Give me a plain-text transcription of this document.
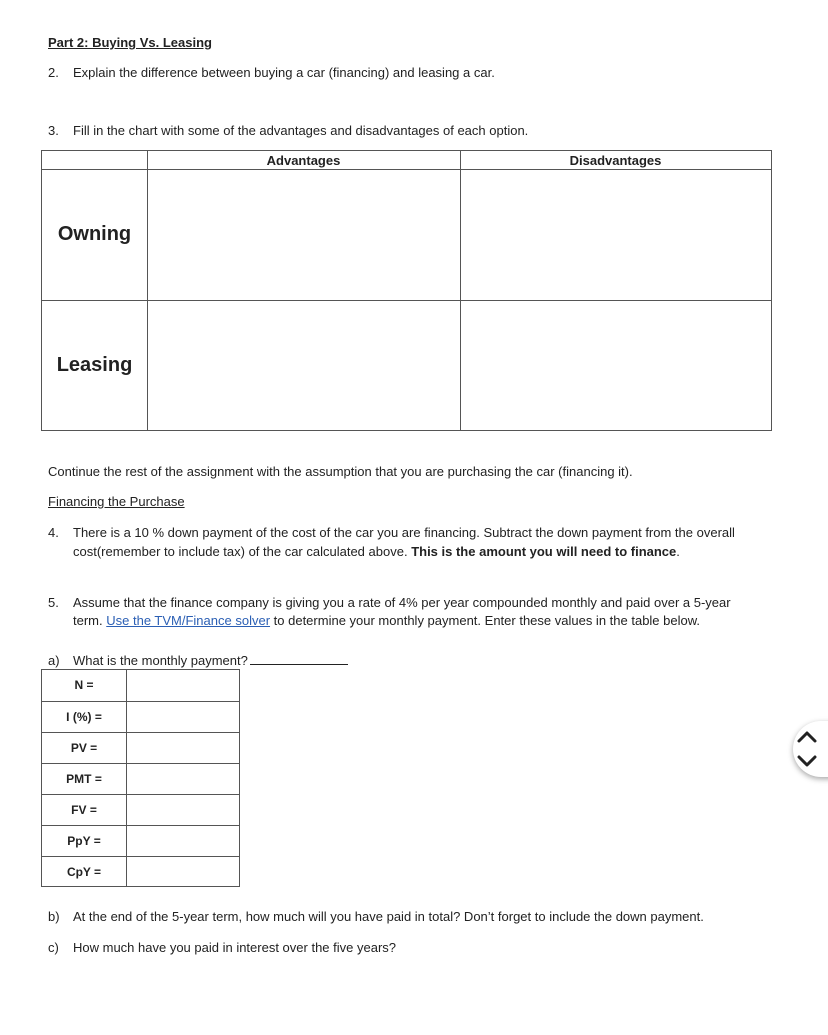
Part 2: Buying Vs. Leasing
2. Explain the difference between buying a car (financing) and leasing a car.
3. Fill in the chart with some of the advantages and disadvantages of each option.
Advantages	Disadvantages
Owning
Leasing
Continue the rest of the assignment with the assumption that you are purchasing the car (financing it).
Financing the Purchase
4. There is a 10 % down payment of the cost of the car you are financing. Subtract the down payment from the overall
cost(remember to include tax) of the car calculated above. This is the amount you will need to finance.
5. Assume that the finance company is giving you a rate of 4% per year compounded monthly and paid over a 5-year
term. Use the TVM/Finance solver to determine your monthly payment. Enter these values in the table below.
a) What is the monthly payment?
N =
I (%) =
PV =
PMT =
FV =
PpY =
CpY =
b) At the end of the 5-year term, how much will you have paid in total? Don’t forget to include the down payment.
c) How much have you paid in interest over the five years?
